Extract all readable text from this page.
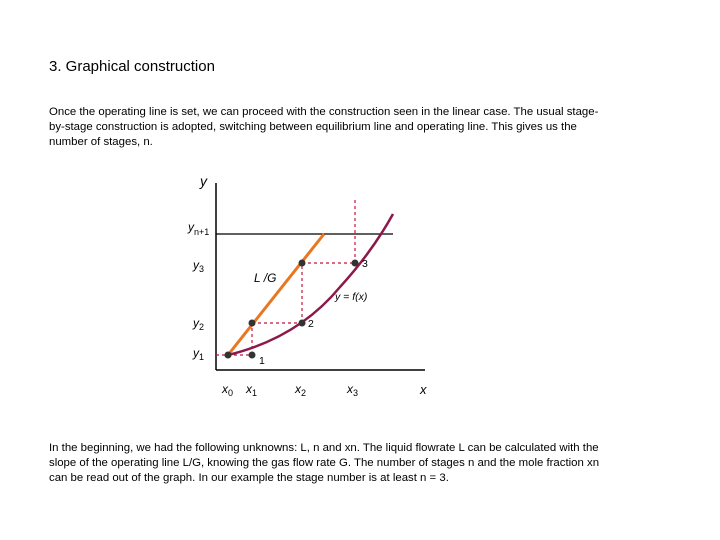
3. Graphical construction

Once the operating line is set, we can proceed with the construction seen in the linear case. The usual stage-by-stage construction is adopted, switching between equilibrium line and operating line. This gives us the number of stages, n.

y
x
$y_{n+1}$
$y_3$
$y_2$
$y_1$
$x_0$ $x_1$	$x_2$	$x_3$
L /G
y = f(x)
1
2
3

In the beginning, we had the following unknowns: L, n and xn. The liquid flowrate L can be calculated with the slope of the operating line L/G, knowing the gas flow rate G. The number of stages n and the mole fraction xn can be read out of the graph. In our example the stage number is at least n = 3.
